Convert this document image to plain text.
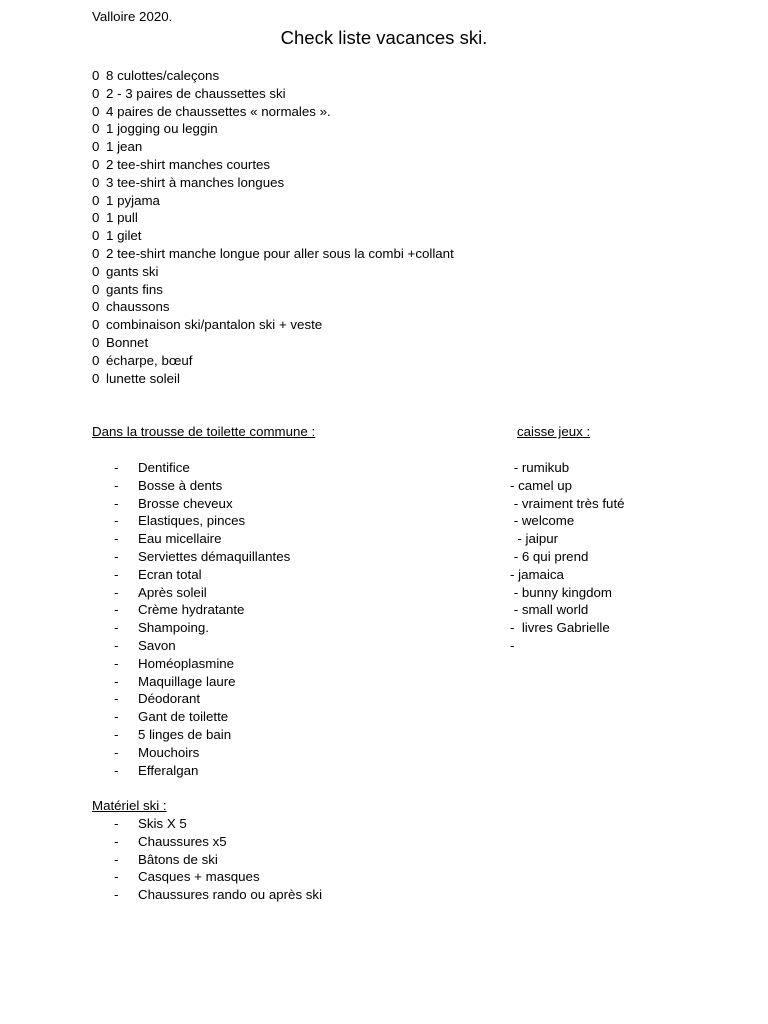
Valloire 2020.
Check liste vacances ski.
0 8 culottes/caleçons
0 2 - 3 paires de chaussettes ski
0 4 paires de chaussettes « normales ».
0 1 jogging ou leggin
0 1 jean
0 2 tee-shirt manches courtes
0 3 tee-shirt à manches longues
0 1 pyjama
0 1 pull
0 1 gilet
0 2 tee-shirt manche longue pour aller sous la combi +collant
0 gants ski
0 gants fins
0 chaussons
0 combinaison ski/pantalon ski + veste
0 Bonnet
0 écharpe, bœuf
0 lunette soleil
Dans la trousse de toilette commune :	caisse jeux :
- Dentifice
- Bosse à dents
- Brosse cheveux
- Elastiques, pinces
- Eau micellaire
- Serviettes démaquillantes
- Ecran total
- Après soleil
- Crème hydratante
- Shampoing.
- Savon
- Homéoplasmine
- Maquillage laure
- Déodorant
- Gant de toilette
- 5 linges de bain
- Mouchoirs
- Efferalgan
- rumikub
- camel up
- vraiment très futé
- welcome
- jaipur
- 6 qui prend
- jamaica
- bunny kingdom
- small world
-  livres Gabrielle
-
Matériel ski :
- Skis X 5
- Chaussures x5
- Bâtons de ski
- Casques + masques
- Chaussures rando ou après ski
